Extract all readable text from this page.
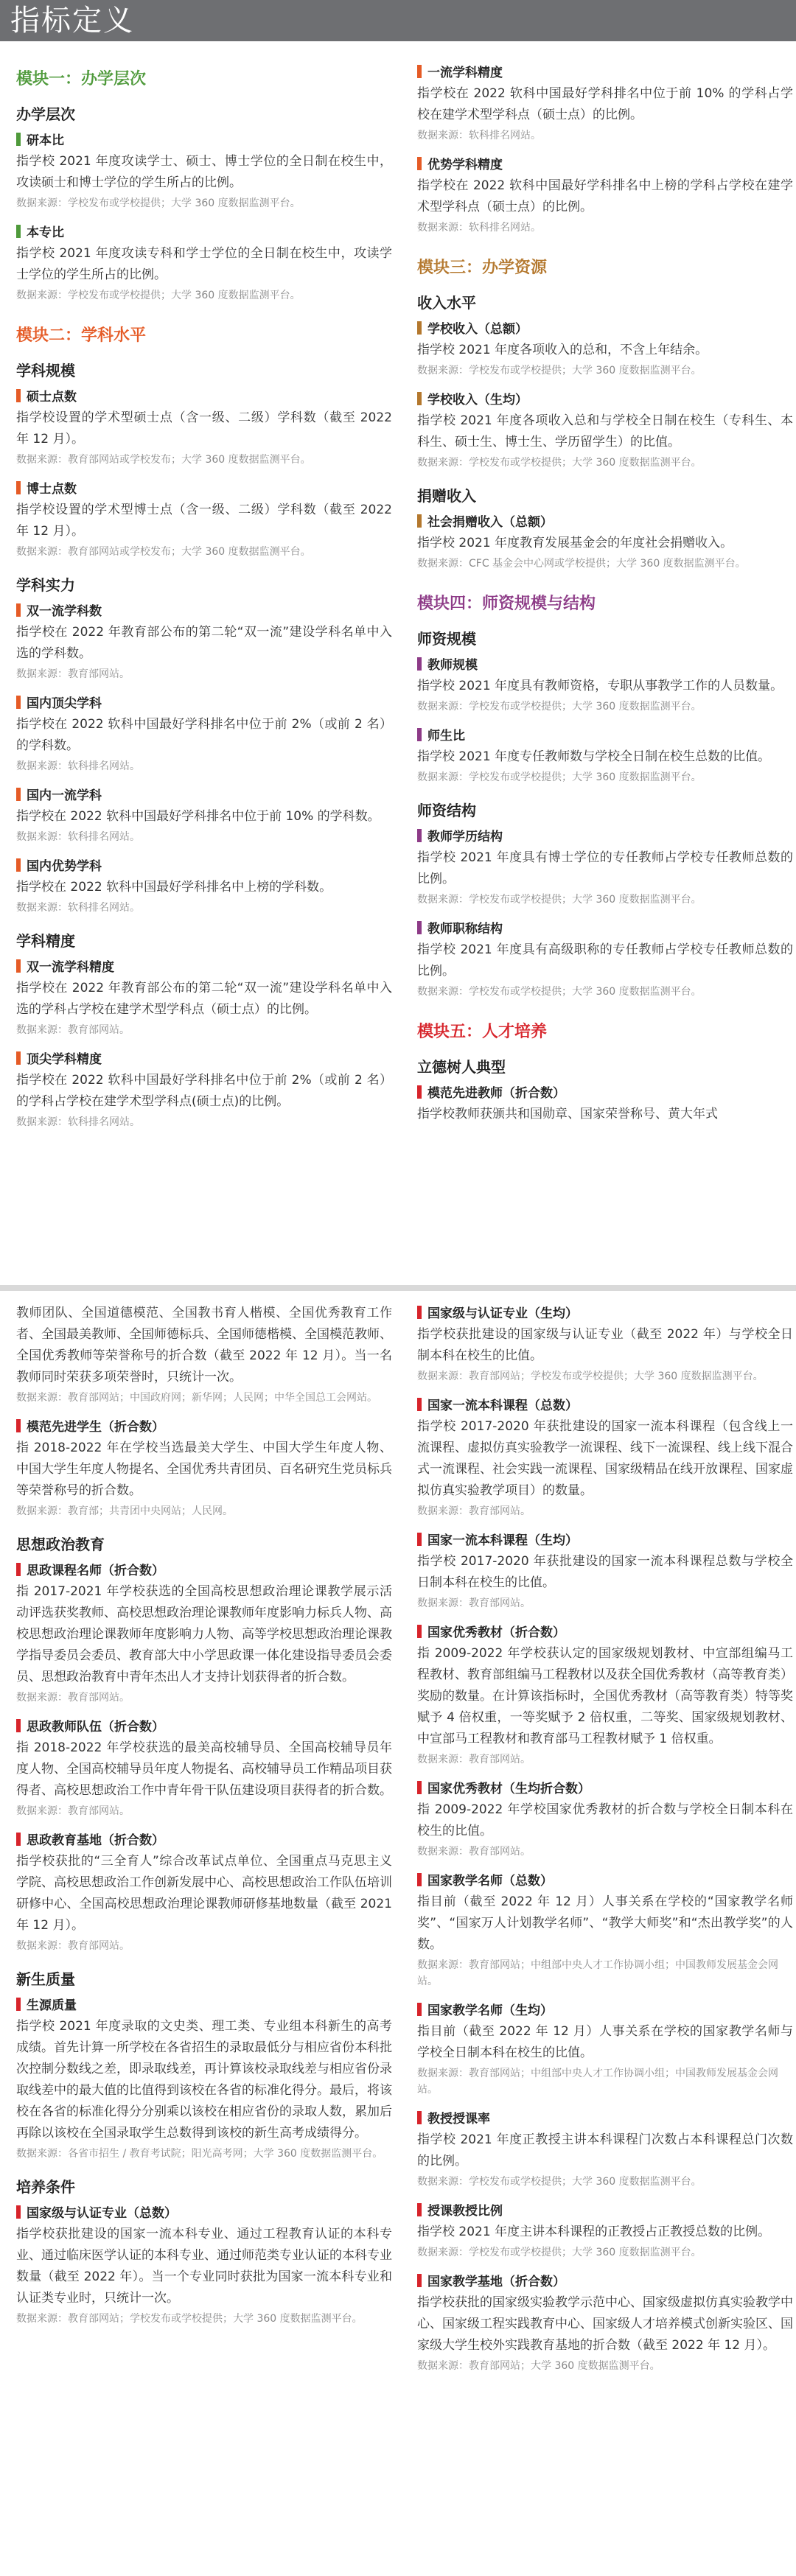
指标定义
模块一：办学层次
办学层次
研本比
指学校 2021 年度攻读学士、硕士、博士学位的全日制在校生中，攻读硕士和博士学位的学生所占的比例。
数据来源：学校发布或学校提供；大学 360 度数据监测平台。
本专比
指学校 2021 年度攻读专科和学士学位的全日制在校生中，攻读学士学位的学生所占的比例。
数据来源：学校发布或学校提供；大学 360 度数据监测平台。
模块二：学科水平
学科规模
硕士点数
指学校设置的学术型硕士点（含一级、二级）学科数（截至 2022 年 12 月）。
数据来源：教育部网站或学校发布；大学 360 度数据监测平台。
博士点数
指学校设置的学术型博士点（含一级、二级）学科数（截至 2022 年 12 月）。
数据来源：教育部网站或学校发布；大学 360 度数据监测平台。
学科实力
双一流学科数
指学校在 2022 年教育部公布的第二轮“双一流”建设学科名单中入选的学科数。
数据来源：教育部网站。
国内顶尖学科
指学校在 2022 软科中国最好学科排名中位于前 2%（或前 2 名）的学科数。
数据来源：软科排名网站。
国内一流学科
指学校在 2022 软科中国最好学科排名中位于前 10% 的学科数。
数据来源：软科排名网站。
国内优势学科
指学校在 2022 软科中国最好学科排名中上榜的学科数。
数据来源：软科排名网站。
学科精度
双一流学科精度
指学校在 2022 年教育部公布的第二轮“双一流”建设学科名单中入选的学科占学校在建学术型学科点（硕士点）的比例。
数据来源：教育部网站。
顶尖学科精度
指学校在 2022 软科中国最好学科排名中位于前 2%（或前 2 名）的学科占学校在建学术型学科点(硕士点)的比例。
数据来源：软科排名网站。
一流学科精度
指学校在 2022 软科中国最好学科排名中位于前 10% 的学科占学校在建学术型学科点（硕士点）的比例。
数据来源：软科排名网站。
优势学科精度
指学校在 2022 软科中国最好学科排名中上榜的学科占学校在建学术型学科点（硕士点）的比例。
数据来源：软科排名网站。
模块三：办学资源
收入水平
学校收入（总额）
指学校 2021 年度各项收入的总和，不含上年结余。
数据来源：学校发布或学校提供；大学 360 度数据监测平台。
学校收入（生均）
指学校 2021 年度各项收入总和与学校全日制在校生（专科生、本科生、硕士生、博士生、学历留学生）的比值。
数据来源：学校发布或学校提供；大学 360 度数据监测平台。
捐赠收入
社会捐赠收入（总额）
指学校 2021 年度教育发展基金会的年度社会捐赠收入。
数据来源：CFC 基金会中心网或学校提供；大学 360 度数据监测平台。
模块四：师资规模与结构
师资规模
教师规模
指学校 2021 年度具有教师资格，专职从事教学工作的人员数量。
数据来源：学校发布或学校提供；大学 360 度数据监测平台。
师生比
指学校 2021 年度专任教师数与学校全日制在校生总数的比值。
数据来源：学校发布或学校提供；大学 360 度数据监测平台。
师资结构
教师学历结构
指学校 2021 年度具有博士学位的专任教师占学校专任教师总数的比例。
数据来源：学校发布或学校提供；大学 360 度数据监测平台。
教师职称结构
指学校 2021 年度具有高级职称的专任教师占学校专任教师总数的比例。
数据来源：学校发布或学校提供；大学 360 度数据监测平台。
模块五：人才培养
立德树人典型
模范先进教师（折合数）
指学校教师获颁共和国勋章、国家荣誉称号、黄大年式
教师团队、全国道德模范、全国教书育人楷模、全国优秀教育工作者、全国最美教师、全国师德标兵、全国师德楷模、全国模范教师、全国优秀教师等荣誉称号的折合数（截至 2022 年 12 月）。当一名教师同时荣获多项荣誉时，只统计一次。
数据来源：教育部网站；中国政府网；新华网；人民网；中华全国总工会网站。
模范先进学生（折合数）
指 2018-2022 年在学校当选最美大学生、中国大学生年度人物、中国大学生年度人物提名、全国优秀共青团员、百名研究生党员标兵等荣誉称号的折合数。
数据来源：教育部；共青团中央网站；人民网。
思想政治教育
思政课程名师（折合数）
指 2017-2021 年学校获选的全国高校思想政治理论课教学展示活动评选获奖教师、高校思想政治理论课教师年度影响力标兵人物、高校思想政治理论课教师年度影响力人物、高等学校思想政治理论课教学指导委员会委员、教育部大中小学思政课一体化建设指导委员会委员、思想政治教育中青年杰出人才支持计划获得者的折合数。
数据来源：教育部网站。
思政教师队伍（折合数）
指 2018-2022 年学校获选的最美高校辅导员、全国高校辅导员年度人物、全国高校辅导员年度人物提名、高校辅导员工作精品项目获得者、高校思想政治工作中青年骨干队伍建设项目获得者的折合数。
数据来源：教育部网站。
思政教育基地（折合数）
指学校获批的“三全育人”综合改革试点单位、全国重点马克思主义学院、高校思想政治工作创新发展中心、高校思想政治工作队伍培训研修中心、全国高校思想政治理论课教师研修基地数量（截至 2021 年 12 月）。
数据来源：教育部网站。
新生质量
生源质量
指学校 2021 年度录取的文史类、理工类、专业组本科新生的高考成绩。首先计算一所学校在各省招生的录取最低分与相应省份本科批次控制分数线之差，即录取线差，再计算该校录取线差与相应省份录取线差中的最大值的比值得到该校在各省的标准化得分。最后，将该校在各省的标准化得分分别乘以该校在相应省份的录取人数，累加后再除以该校在全国录取学生总数得到该校的新生高考成绩得分。
数据来源：各省市招生 / 教育考试院；阳光高考网；大学 360 度数据监测平台。
培养条件
国家级与认证专业（总数）
指学校获批建设的国家一流本科专业、通过工程教育认证的本科专业、通过临床医学认证的本科专业、通过师范类专业认证的本科专业数量（截至 2022 年）。当一个专业同时获批为国家一流本科专业和认证类专业时，只统计一次。
数据来源：教育部网站；学校发布或学校提供；大学 360 度数据监测平台。
国家级与认证专业（生均）
指学校获批建设的国家级与认证专业（截至 2022 年）与学校全日制本科在校生的比值。
数据来源：教育部网站；学校发布或学校提供；大学 360 度数据监测平台。
国家一流本科课程（总数）
指学校 2017-2020 年获批建设的国家一流本科课程（包含线上一流课程、虚拟仿真实验教学一流课程、线下一流课程、线上线下混合式一流课程、社会实践一流课程、国家级精品在线开放课程、国家虚拟仿真实验教学项目）的数量。
数据来源：教育部网站。
国家一流本科课程（生均）
指学校 2017-2020 年获批建设的国家一流本科课程总数与学校全日制本科在校生的比值。
数据来源：教育部网站。
国家优秀教材（折合数）
指 2009-2022 年学校获认定的国家级规划教材、中宣部组编马工程教材、教育部组编马工程教材以及获全国优秀教材（高等教育类）奖励的数量。在计算该指标时，全国优秀教材（高等教育类）特等奖赋予 4 倍权重，一等奖赋予 2 倍权重，二等奖、国家级规划教材、中宣部马工程教材和教育部马工程教材赋予 1 倍权重。
数据来源：教育部网站。
国家优秀教材（生均折合数）
指 2009-2022 年学校国家优秀教材的折合数与学校全日制本科在校生的比值。
数据来源：教育部网站。
国家教学名师（总数）
指目前（截至 2022 年 12 月）人事关系在学校的“国家教学名师奖”、“国家万人计划教学名师”、“教学大师奖”和“杰出教学奖”的人数。
数据来源：教育部网站；中组部中央人才工作协调小组；中国教师发展基金会网站。
国家教学名师（生均）
指目前（截至 2022 年 12 月）人事关系在学校的国家教学名师与学校全日制本科在校生的比值。
数据来源：教育部网站；中组部中央人才工作协调小组；中国教师发展基金会网站。
教授授课率
指学校 2021 年度正教授主讲本科课程门次数占本科课程总门次数的比例。
数据来源：学校发布或学校提供；大学 360 度数据监测平台。
授课教授比例
指学校 2021 年度主讲本科课程的正教授占正教授总数的比例。
数据来源：学校发布或学校提供；大学 360 度数据监测平台。
国家教学基地（折合数）
指学校获批的国家级实验教学示范中心、国家级虚拟仿真实验教学中心、国家级工程实践教育中心、国家级人才培养模式创新实验区、国家级大学生校外实践教育基地的折合数（截至 2022 年 12 月）。
数据来源：教育部网站；大学 360 度数据监测平台。
